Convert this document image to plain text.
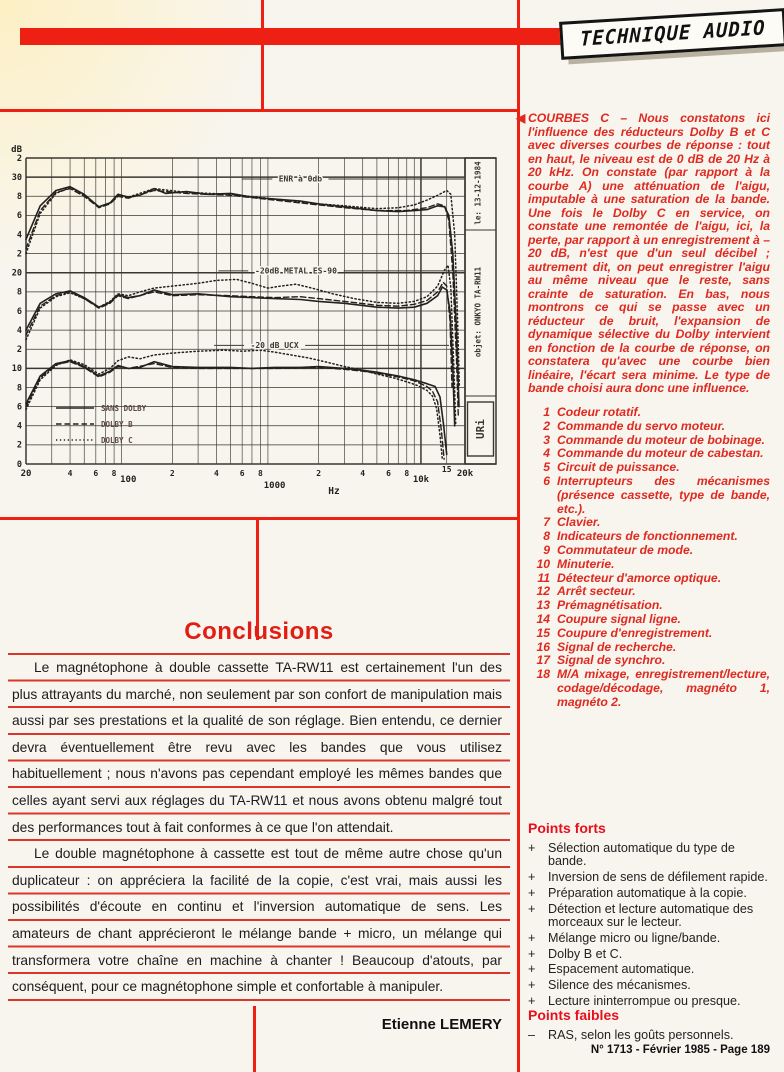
TECHNIQUE AUDIO
le: 13-12-1984
objet: ONKYO TA-RW11
URi
dB
2
30
8
6
4
2
20
8
6
4
2
10
8
6
4
2
0
20	4	6 8
100
2	4	6 8
1000
2	4	6 8
10k
15 20k
Hz
ENR à 0db
-20dB METAL ES-90
-20 dB UCX
SANS DOLBY
DOLBY B
DOLBY C
Conclusions

Le magnétophone à double cassette TA-RW11 est certainement l'un des plus attrayants du marché, non seulement par son confort de manipulation mais aussi par ses prestations et la qualité de son réglage. Bien entendu, ce dernier devra éventuellement être revu avec les bandes que vous utilisez habituellement ; nous n'avons pas cependant employé les mêmes bandes que celles ayant servi aux réglages du TA-RW11 et nous avons obtenu malgré tout des performances tout à fait conformes à ce que l'on attendait.

Le double magnétophone à cassette est tout de même autre chose qu'un duplicateur : on appréciera la facilité de la copie, c'est vrai, mais aussi les possibilités d'écoute en continu et l'inversion automatique de sens. Les amateurs de chant apprécieront le mélange bande + micro, un mélange qui transformera votre chaîne en machine à chanter ! Beaucoup d'atouts, par conséquent, pour ce magnétophone simple et confortable à manipuler.

Etienne LEMERY

◀ COURBES C – Nous constatons ici l'influence des réducteurs Dolby B et C avec diverses courbes de réponse : tout en haut, le niveau est de 0 dB de 20 Hz à 20 kHz. On constate (par rapport à la courbe A) une atténuation de l'aigu, imputable à une saturation de la bande. Une fois le Dolby C en service, on constate une remontée de l'aigu, ici, la perte, par rapport à un enregistrement à – 20 dB, n'est que d'un seul décibel ; autrement dit, on peut enregistrer l'aigu au même niveau que le reste, sans crainte de saturation. En bas, nous montrons ce qui se passe avec un réducteur de bruit, l'expansion de dynamique sélective du Dolby intervient en fonction de la courbe de réponse, on constatera qu'avec une courbe bien linéaire, l'écart sera minime. Le type de bande choisi aura donc une influence.

1 Codeur rotatif.
2 Commande du servo moteur.
3 Commande du moteur de bobinage.
4 Commande du moteur de cabestan.
5 Circuit de puissance.
6 Interrupteurs des mécanismes (présence cassette, type de bande, etc.).
7 Clavier.
8 Indicateurs de fonctionnement.
9 Commutateur de mode.
10 Minuterie.
11 Détecteur d'amorce optique.
12 Arrêt secteur.
13 Prémagnétisation.
14 Coupure signal ligne.
15 Coupure d'enregistrement.
16 Signal de recherche.
17 Signal de synchro.
18 M/A mixage, enregistrement/lecture, codage/décodage, magnéto 1, magnéto 2.
Points forts
+	Sélection automatique du type de bande.
+	Inversion de sens de défilement rapide.
+	Préparation automatique à la copie.
+	Détection et lecture automatique des morceaux sur le lecteur.
+	Mélange micro ou ligne/bande.
+	Dolby B et C.
+	Espacement automatique.
+	Silence des mécanismes.
+	Lecture ininterrompue ou presque.
Points faibles
–	RAS, selon les goûts personnels.
N° 1713 - Février 1985 - Page 189
